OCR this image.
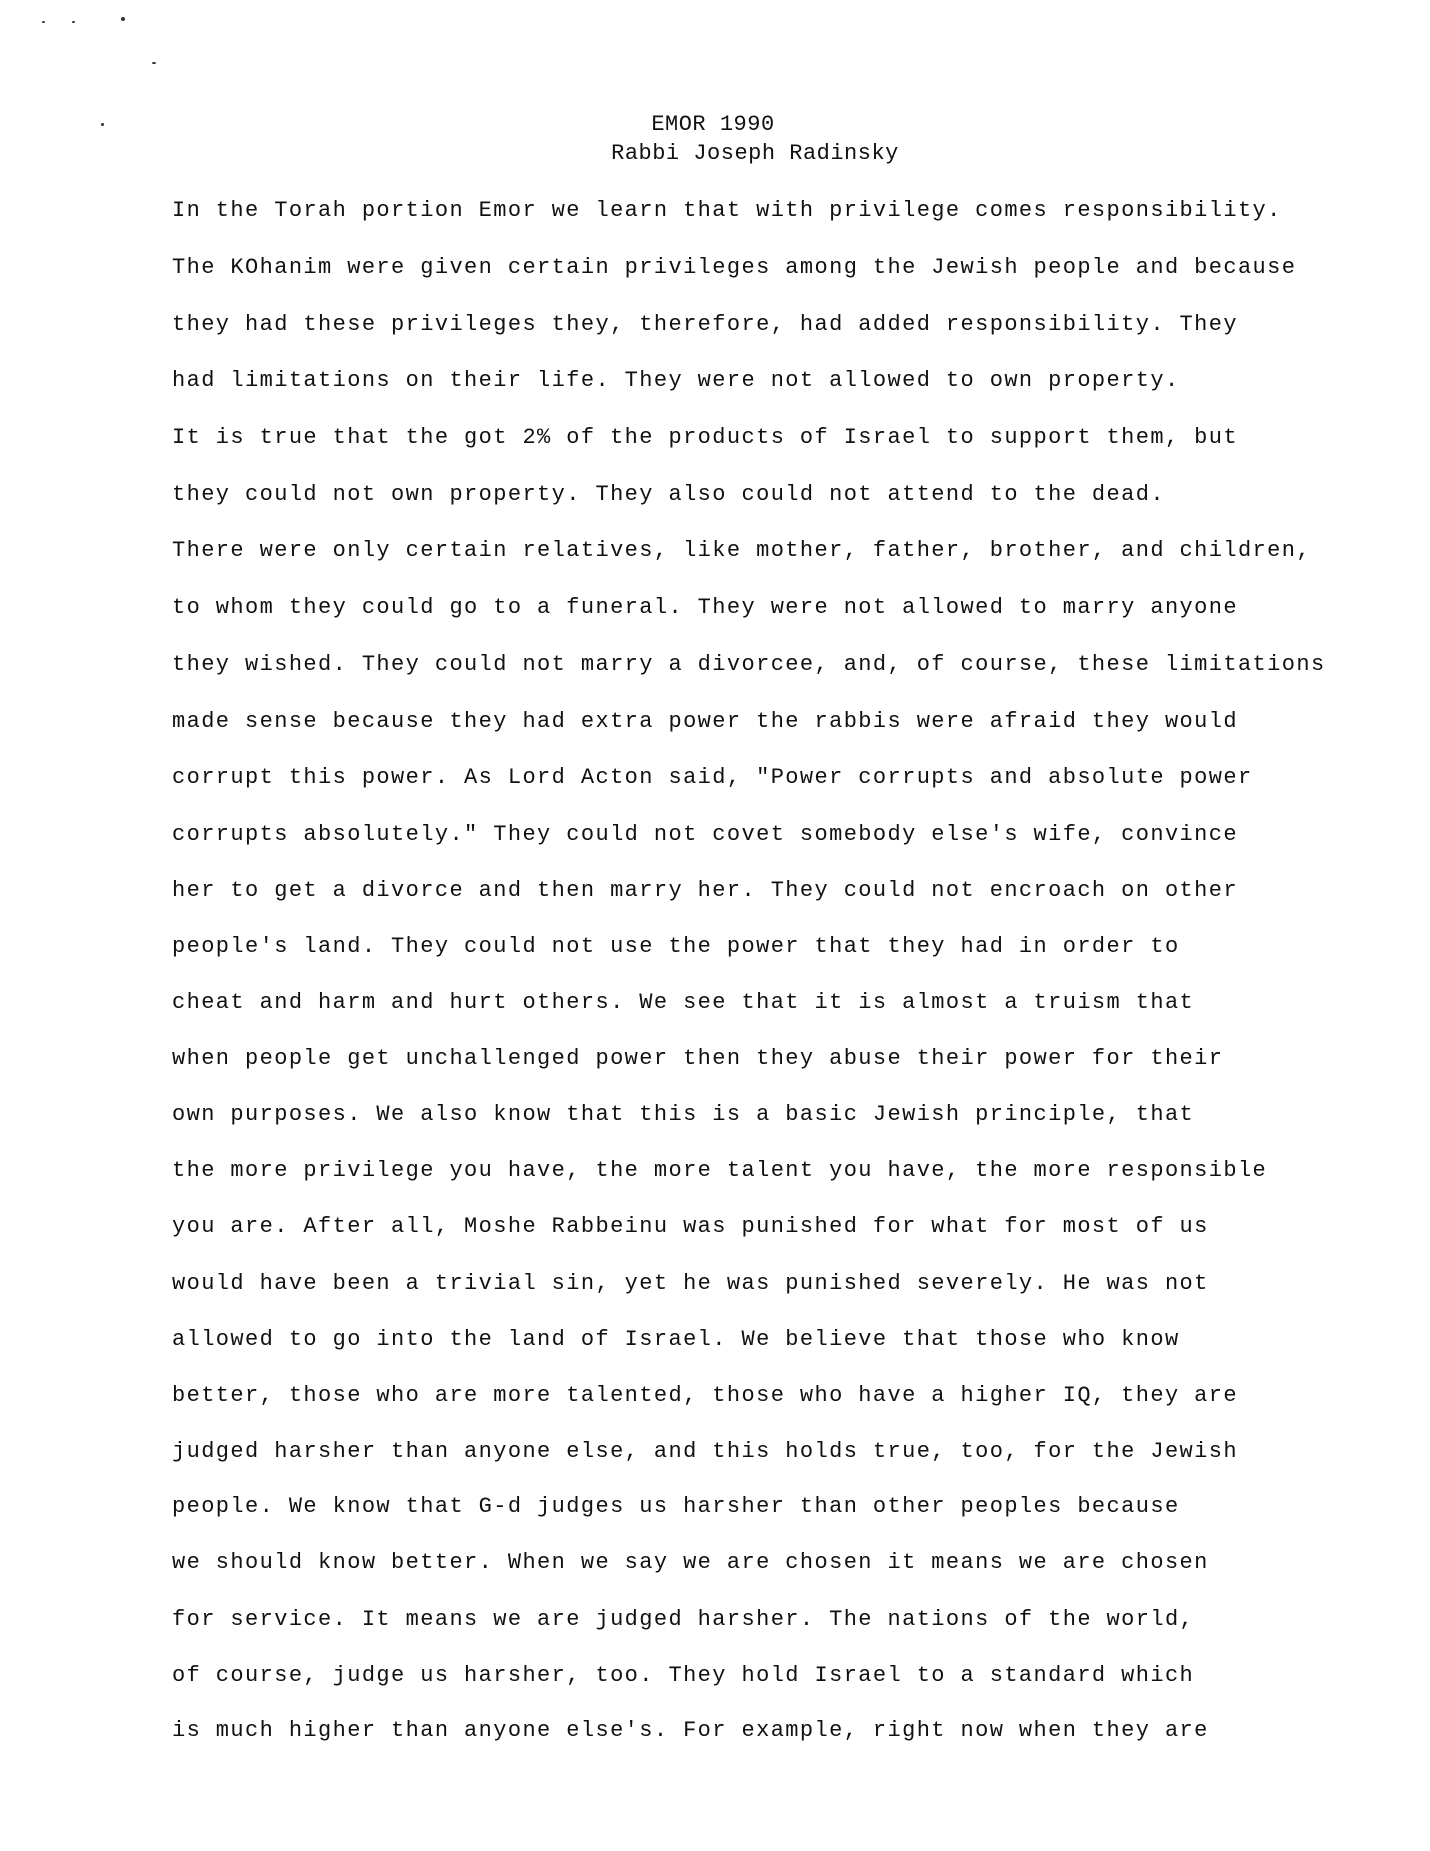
EMOR 1990
Rabbi Joseph Radinsky
In the Torah portion Emor we learn that with privilege comes responsibility.
The KOhanim were given certain privileges among the Jewish people and because
they had these privileges they, therefore, had added responsibility. They
had limitations on their life. They were not allowed to own property.
It is true that the got 2% of the products of Israel to support them, but
they could not own property. They also could not attend to the dead.
There were only certain relatives, like mother, father, brother, and children,
to whom they could go to a funeral. They were not allowed to marry anyone
they wished. They could not marry a divorcee, and, of course, these limitations
made sense because they had extra power the rabbis were afraid they would
corrupt this power. As Lord Acton said, "Power corrupts and absolute power
corrupts absolutely." They could not covet somebody else's wife, convince
her to get a divorce and then marry her. They could not encroach on other
people's land. They could not use the power that they had in order to
cheat and harm and hurt others. We see that it is almost a truism that
when people get unchallenged power then they abuse their power for their
own purposes. We also know that this is a basic Jewish principle, that
the more privilege you have, the more talent you have, the more responsible
you are. After all, Moshe Rabbeinu was punished for what for most of us
would have been a trivial sin, yet he was punished severely. He was not
allowed to go into the land of Israel. We believe that those who know
better, those who are more talented, those who have a higher IQ, they are
judged harsher than anyone else, and this holds true, too, for the Jewish
people. We know that G-d judges us harsher than other peoples because
we should know better. When we say we are chosen it means we are chosen
for service. It means we are judged harsher. The nations of the world,
of course, judge us harsher, too. They hold Israel to a standard which
is much higher than anyone else's. For example, right now when they are
